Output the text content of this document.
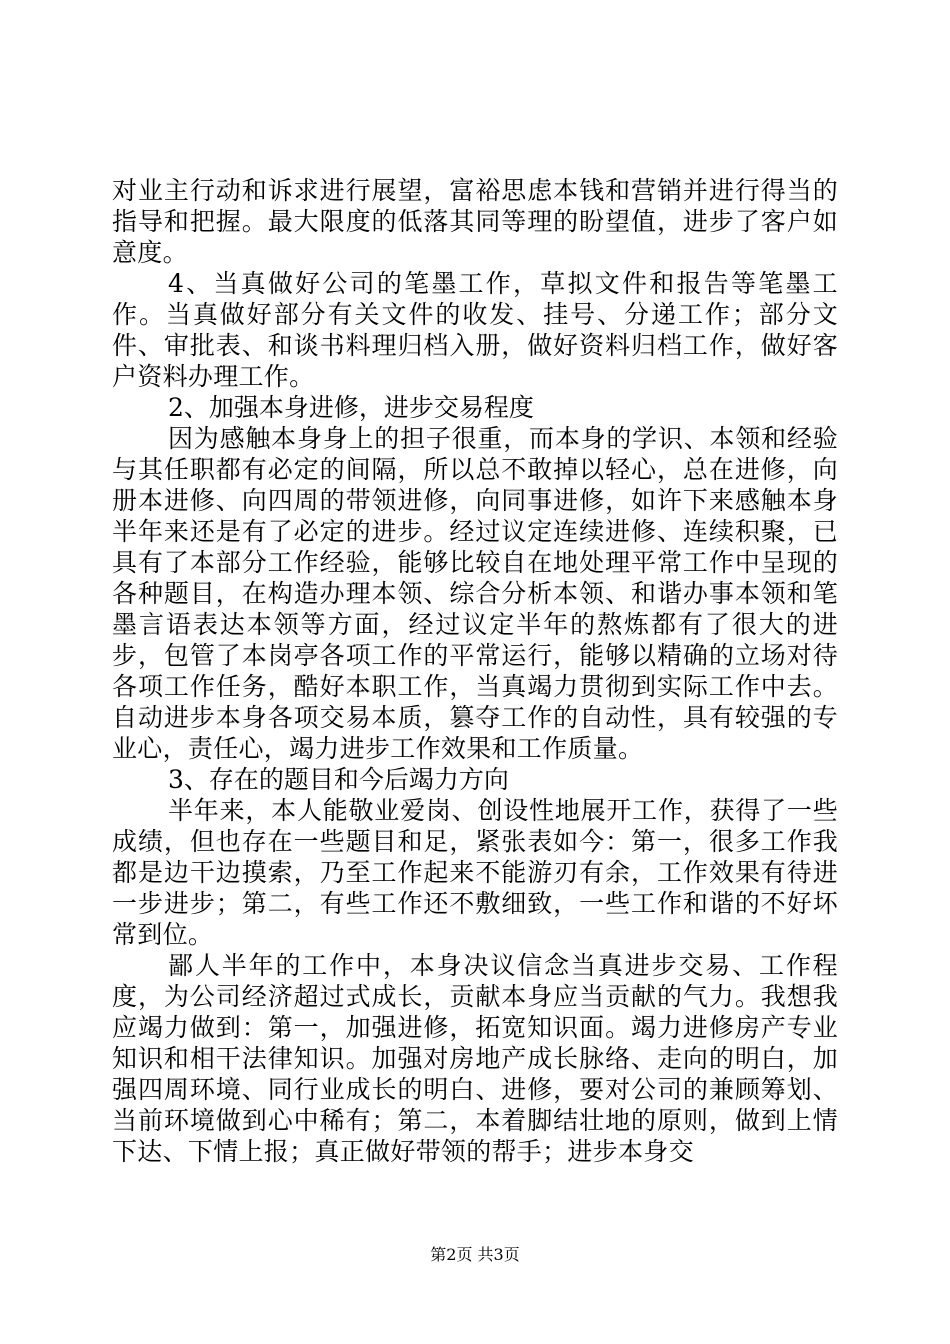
对业主行动和诉求进行展望，富裕思虑本钱和营销并进行得当的指导和把握。最大限度的低落其同等理的盼望值，进步了客户如意度。

4、当真做好公司的笔墨工作，草拟文件和报告等笔墨工作。当真做好部分有关文件的收发、挂号、分递工作；部分文件、审批表、和谈书料理归档入册，做好资料归档工作，做好客户资料办理工作。

2、加强本身进修，进步交易程度

因为感触本身身上的担子很重，而本身的学识、本领和经验与其任职都有必定的间隔，所以总不敢掉以轻心，总在进修，向册本进修、向四周的带领进修，向同事进修，如许下来感触本身半年来还是有了必定的进步。经过议定连续进修、连续积聚，已具有了本部分工作经验，能够比较自在地处理平常工作中呈现的各种题目，在构造办理本领、综合分析本领、和谐办事本领和笔墨言语表达本领等方面，经过议定半年的熬炼都有了很大的进步，包管了本岗亭各项工作的平常运行，能够以精确的立场对待各项工作任务，酷好本职工作，当真竭力贯彻到实际工作中去。自动进步本身各项交易本质，篡夺工作的自动性，具有较强的专业心，责任心，竭力进步工作效果和工作质量。

3、存在的题目和今后竭力方向

半年来，本人能敬业爱岗、创设性地展开工作，获得了一些成绩，但也存在一些题目和足，紧张表如今：第一，很多工作我都是边干边摸索，乃至工作起来不能游刃有余，工作效果有待进一步进步；第二，有些工作还不敷细致，一些工作和谐的不好坏常到位。

鄙人半年的工作中，本身决议信念当真进步交易、工作程度，为公司经济超过式成长，贡献本身应当贡献的气力。我想我应竭力做到：第一，加强进修，拓宽知识面。竭力进修房产专业知识和相干法律知识。加强对房地产成长脉络、走向的明白，加强四周环境、同行业成长的明白、进修，要对公司的兼顾筹划、当前环境做到心中稀有；第二，本着脚结壮地的原则，做到上情下达、下情上报；真正做好带领的帮手；进步本身交

第2页 共3页
